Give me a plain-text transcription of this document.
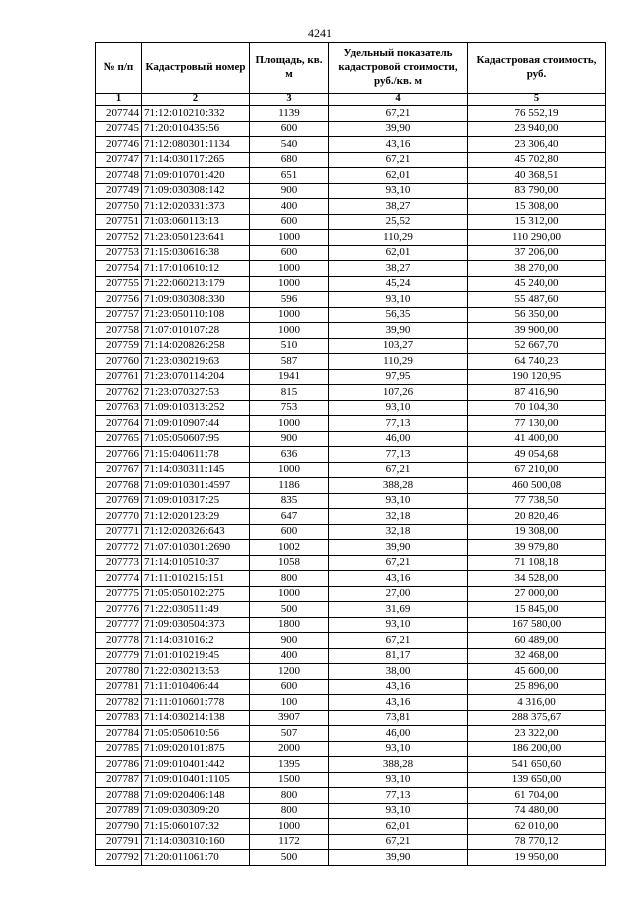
4241
№ п/п	Кадастровый номер	Площадь, кв. м	Удельный показатель кадастровой стоимости, руб./кв. м	Кадастровая стоимость, руб.
1	2	3	4	5
207744	71:12:010210:332	1139	67,21	76 552,19
207745	71:20:010435:56	600	39,90	23 940,00
207746	71:12:080301:1134	540	43,16	23 306,40
207747	71:14:030117:265	680	67,21	45 702,80
207748	71:09:010701:420	651	62,01	40 368,51
207749	71:09:030308:142	900	93,10	83 790,00
207750	71:12:020331:373	400	38,27	15 308,00
207751	71:03:060113:13	600	25,52	15 312,00
207752	71:23:050123:641	1000	110,29	110 290,00
207753	71:15:030616:38	600	62,01	37 206,00
207754	71:17:010610:12	1000	38,27	38 270,00
207755	71:22:060213:179	1000	45,24	45 240,00
207756	71:09:030308:330	596	93,10	55 487,60
207757	71:23:050110:108	1000	56,35	56 350,00
207758	71:07:010107:28	1000	39,90	39 900,00
207759	71:14:020826:258	510	103,27	52 667,70
207760	71:23:030219:63	587	110,29	64 740,23
207761	71:23:070114:204	1941	97,95	190 120,95
207762	71:23:070327:53	815	107,26	87 416,90
207763	71:09:010313:252	753	93,10	70 104,30
207764	71:09:010907:44	1000	77,13	77 130,00
207765	71:05:050607:95	900	46,00	41 400,00
207766	71:15:040611:78	636	77,13	49 054,68
207767	71:14:030311:145	1000	67,21	67 210,00
207768	71:09:010301:4597	1186	388,28	460 500,08
207769	71:09:010317:25	835	93,10	77 738,50
207770	71:12:020123:29	647	32,18	20 820,46
207771	71:12:020326:643	600	32,18	19 308,00
207772	71:07:010301:2690	1002	39,90	39 979,80
207773	71:14:010510:37	1058	67,21	71 108,18
207774	71:11:010215:151	800	43,16	34 528,00
207775	71:05:050102:275	1000	27,00	27 000,00
207776	71:22:030511:49	500	31,69	15 845,00
207777	71:09:030504:373	1800	93,10	167 580,00
207778	71:14:031016:2	900	67,21	60 489,00
207779	71:01:010219:45	400	81,17	32 468,00
207780	71:22:030213:53	1200	38,00	45 600,00
207781	71:11:010406:44	600	43,16	25 896,00
207782	71:11:010601:778	100	43,16	4 316,00
207783	71:14:030214:138	3907	73,81	288 375,67
207784	71:05:050610:56	507	46,00	23 322,00
207785	71:09:020101:875	2000	93,10	186 200,00
207786	71:09:010401:442	1395	388,28	541 650,60
207787	71:09:010401:1105	1500	93,10	139 650,00
207788	71:09:020406:148	800	77,13	61 704,00
207789	71:09:030309:20	800	93,10	74 480,00
207790	71:15:060107:32	1000	62,01	62 010,00
207791	71:14:030310:160	1172	67,21	78 770,12
207792	71:20:011061:70	500	39,90	19 950,00
